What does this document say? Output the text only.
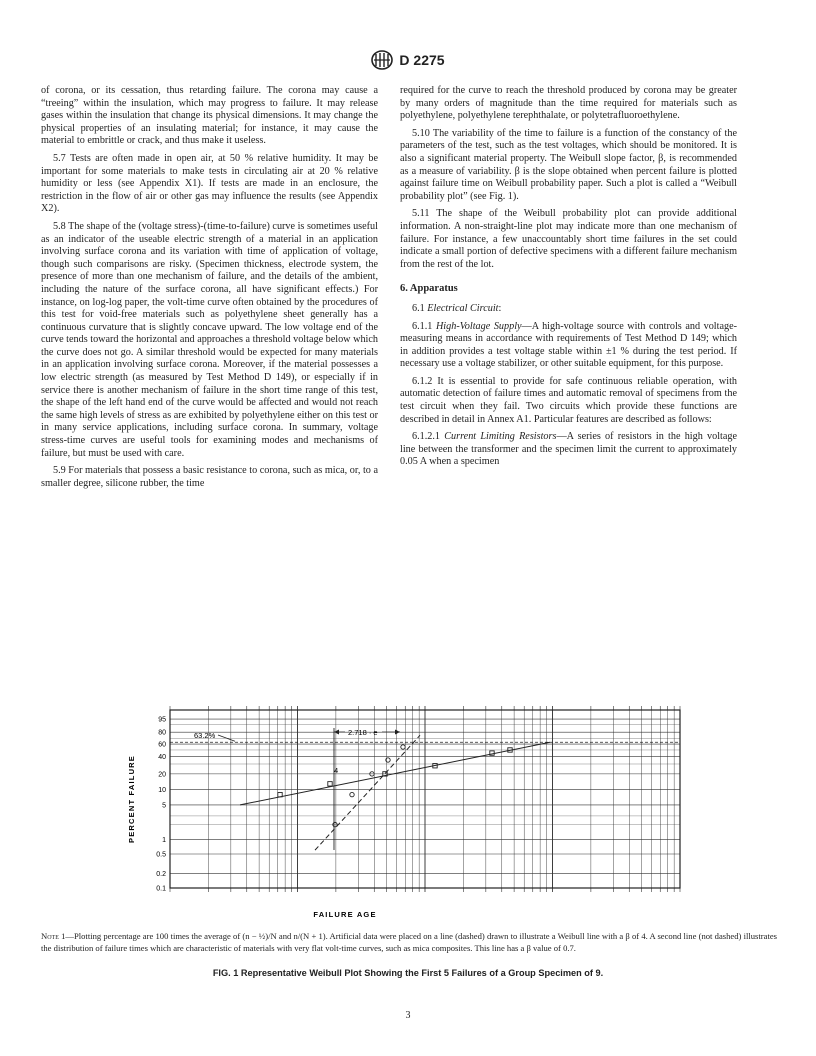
D 2275

of corona, or its cessation, thus retarding failure. The corona may cause a “treeing” within the insulation, which may progress to failure. It may release gases within the insulation that change its physical dimensions. It may change the physical properties of an insulating material; for instance, it may cause the material to embrittle or crack, and thus make it useless.

5.7 Tests are often made in open air, at 50 % relative humidity. It may be important for some materials to make tests in circulating air at 20 % relative humidity or less (see Appendix X1). If tests are made in an enclosure, the restriction in the flow of air or other gas may influence the results (see Appendix X2).

5.8 The shape of the (voltage stress)-(time-to-failure) curve is sometimes useful as an indicator of the useable electric strength of a material in an application involving surface corona and its variation with time of application of voltage, though such comparisons are risky. (Specimen thickness, electrode system, the presence of more than one mechanism of failure, and the details of the ambient, including the nature of the surface corona, all have significant effects.) For instance, on log-log paper, the volt-time curve often obtained by the procedures of this test for void-free materials such as polyethylene sheet generally has a continuous curvature that is slightly concave upward. The low voltage end of the curve tends toward the horizontal and approaches a threshold voltage below which the curve does not go. A similar threshold would be expected for many materials in an application involving surface corona. Moreover, if the material possesses a low electric strength (as measured by Test Method D 149), or especially if in service there is another mechanism of failure in the short time range of this test, the shape of the left hand end of the curve would be affected and would not reach the same high levels of stress as are exhibited by polyethylene either on this test or in many service applications, including surface corona. In summary, voltage stress-time curves are useful tools for examining modes and mechanisms of failure, but must be used with care.

5.9 For materials that possess a basic resistance to corona, such as mica, or, to a smaller degree, silicone rubber, the time

required for the curve to reach the threshold produced by corona may be greater by many orders of magnitude than the time required for materials such as polyethylene, polyethylene terephthalate, or polytetrafluoroethylene.

5.10 The variability of the time to failure is a function of the constancy of the parameters of the test, such as the test voltages, which should be monitored. It is also a significant material property. The Weibull slope factor, β, is recommended as a measure of variability. β is the slope obtained when percent failure is plotted against failure time on Weibull probability paper. Such a plot is called a “Weibull probability plot” (see Fig. 1).

5.11 The shape of the Weibull probability plot can provide additional information. A non-straight-line plot may indicate more than one mechanism of failure. For instance, a few unaccountably short time failures in the set could indicate a small portion of defective specimens with a different failure mechanism from the rest of the lot.

6. Apparatus

6.1 Electrical Circuit:

6.1.1 High-Voltage Supply—A high-voltage source with controls and voltage-measuring means in accordance with requirements of Test Method D 149; which in addition provides a test voltage stable within ±1 % during the test period. If necessary use a voltage stabilizer, or other suitable equipment, for this purpose.

6.1.2 It is essential to provide for safe continuous reliable operation, with automatic detection of failure times and automatic removal of specimens from the test circuit when they fail. Two circuits which provide these functions are described in detail in Annex A1. Particular features are described as follows:

6.1.2.1 Current Limiting Resistors—A series of resistors in the high voltage line between the transformer and the specimen limit the current to approximately 0.05 A when a specimen

0.1
0.2
0.5
1
5
10
20
40
60
80
95
PERCENT FAILURE
FAILURE AGE
63.2%	2.718 · e
4
Note 1—Plotting percentage are 100 times the average of (n − ½)/N and n/(N + 1). Artificial data were placed on a line (dashed) drawn to illustrate a Weibull line with a β of 4. A second line (not dashed) illustrates the distribution of failure times which are characteristic of materials with very flat volt-time curves, such as mica composites. This line has a β value of 0.7.
FIG. 1 Representative Weibull Plot Showing the First 5 Failures of a Group Specimen of 9.
3
